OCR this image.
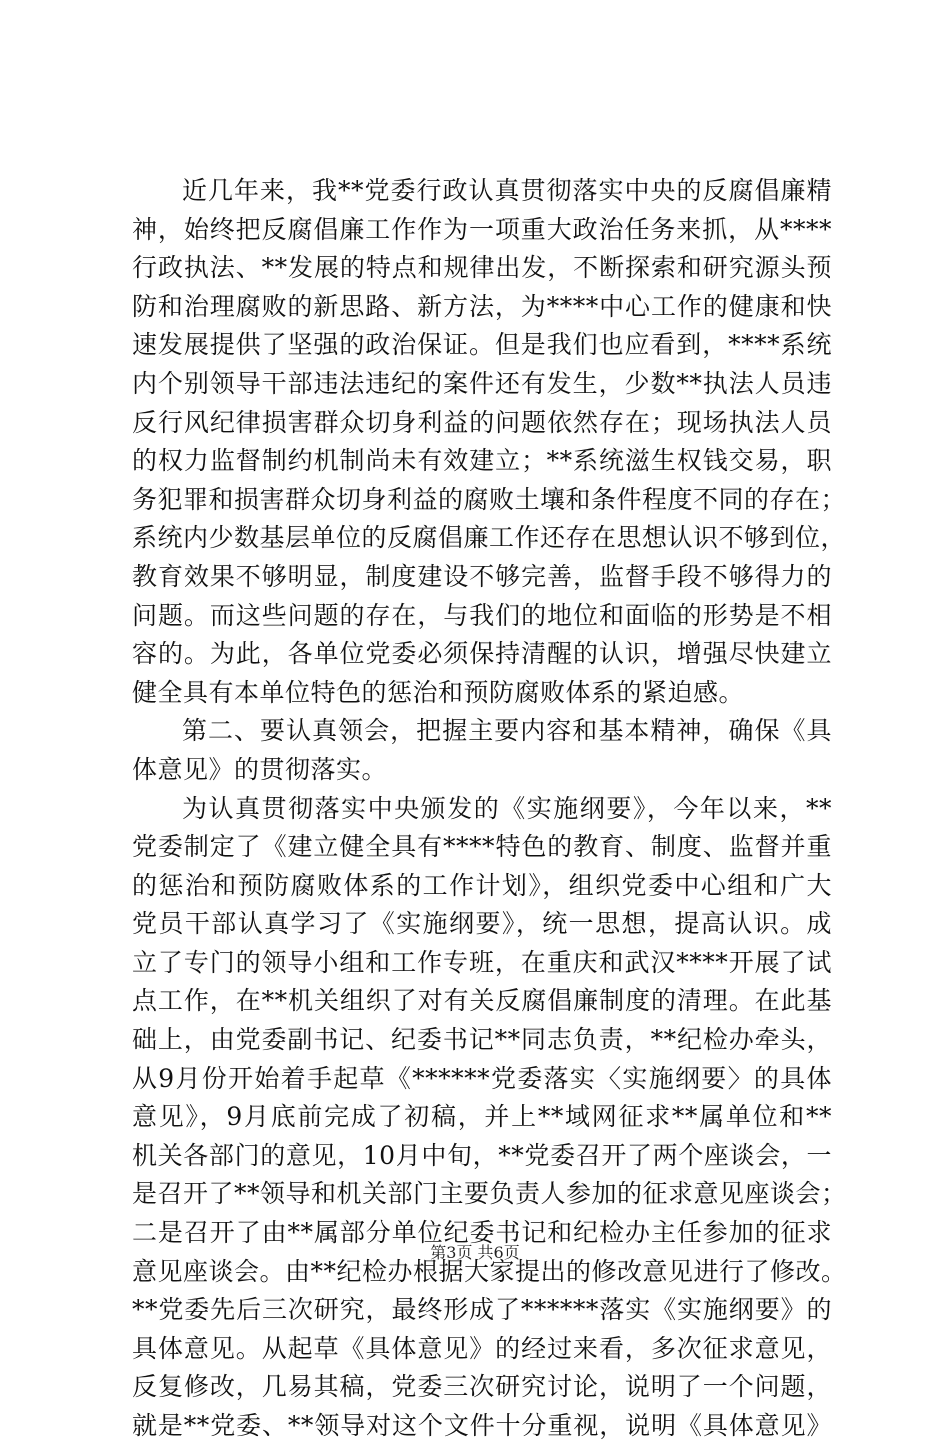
近几年来，我**党委行政认真贯彻落实中央的反腐倡廉精
神，始终把反腐倡廉工作作为一项重大政治任务来抓，从****
行政执法、**发展的特点和规律出发，不断探索和研究源头预
防和治理腐败的新思路、新方法，为****中心工作的健康和快
速发展提供了坚强的政治保证。但是我们也应看到，****系统
内个别领导干部违法违纪的案件还有发生，少数**执法人员违
反行风纪律损害群众切身利益的问题依然存在；现场执法人员
的权力监督制约机制尚未有效建立；**系统滋生权钱交易，职
务犯罪和损害群众切身利益的腐败土壤和条件程度不同的存在；
系统内少数基层单位的反腐倡廉工作还存在思想认识不够到位，
教育效果不够明显，制度建设不够完善，监督手段不够得力的
问题。而这些问题的存在，与我们的地位和面临的形势是不相
容的。为此，各单位党委必须保持清醒的认识，增强尽快建立
健全具有本单位特色的惩治和预防腐败体系的紧迫感。
第二、要认真领会，把握主要内容和基本精神，确保《具
体意见》的贯彻落实。
为认真贯彻落实中央颁发的《实施纲要》，今年以来，**
党委制定了《建立健全具有****特色的教育、制度、监督并重
的惩治和预防腐败体系的工作计划》，组织党委中心组和广大
党员干部认真学习了《实施纲要》，统一思想，提高认识。成
立了专门的领导小组和工作专班，在重庆和武汉****开展了试
点工作，在**机关组织了对有关反腐倡廉制度的清理。在此基
础上，由党委副书记、纪委书记**同志负责，**纪检办牵头，
从9月份开始着手起草《******党委落实〈实施纲要〉的具体
意见》，9月底前完成了初稿，并上**域网征求**属单位和**
机关各部门的意见，10月中旬，**党委召开了两个座谈会，一
是召开了**领导和机关部门主要负责人参加的征求意见座谈会；
二是召开了由**属部分单位纪委书记和纪检办主任参加的征求
意见座谈会。由**纪检办根据大家提出的修改意见进行了修改。
**党委先后三次研究，最终形成了******落实《实施纲要》的
具体意见。从起草《具体意见》的经过来看，多次征求意见，
反复修改，几易其稿，党委三次研究讨论，说明了一个问题，
就是**党委、**领导对这个文件十分重视，说明《具体意见》
第3页 共6页
